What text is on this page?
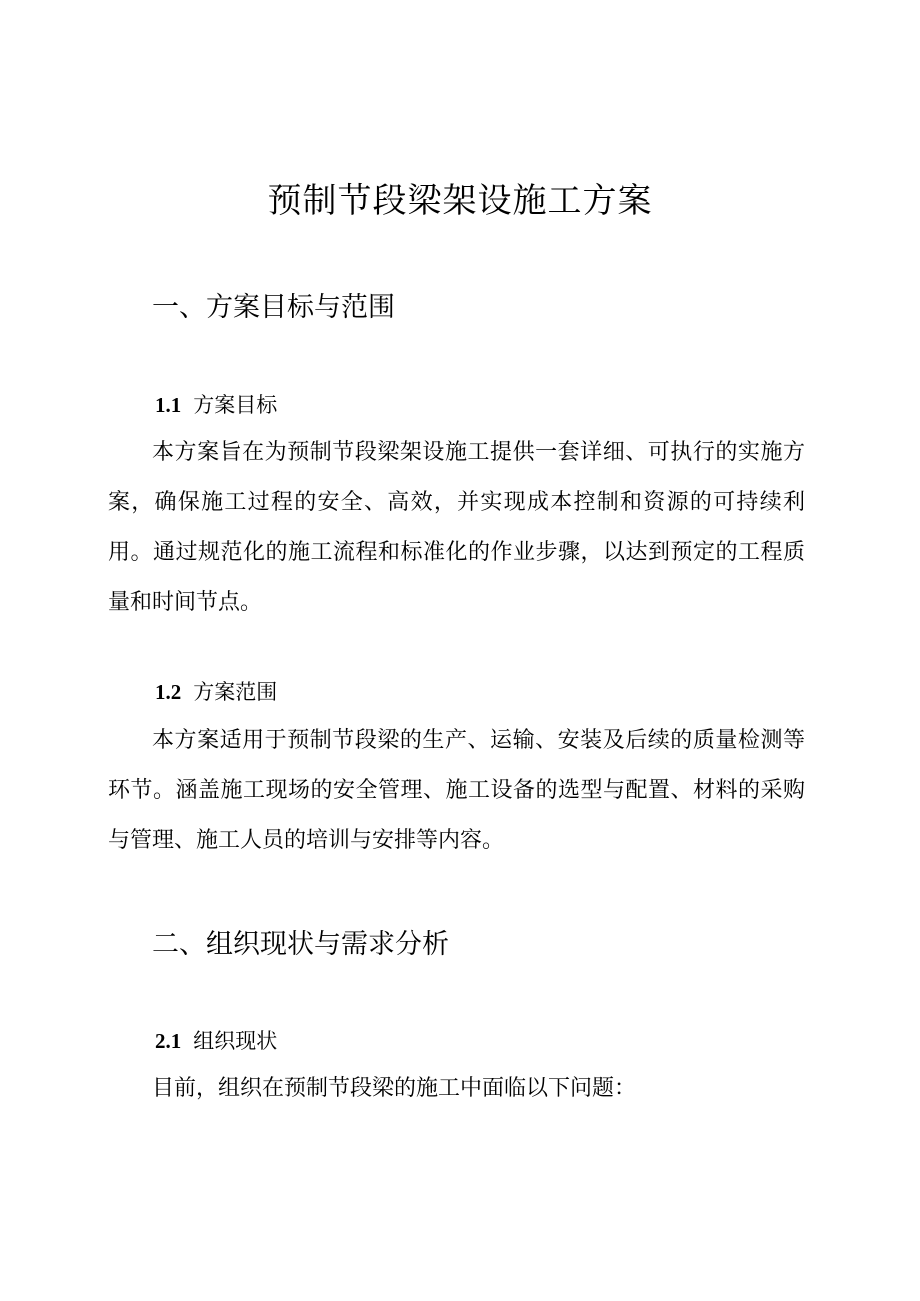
预制节段梁架设施工方案
一、方案目标与范围
1.1 方案目标

本方案旨在为预制节段梁架设施工提供一套详细、可执行的实施方案，确保施工过程的安全、高效，并实现成本控制和资源的可持续利用。通过规范化的施工流程和标准化的作业步骤，以达到预定的工程质量和时间节点。

1.2 方案范围

本方案适用于预制节段梁的生产、运输、安装及后续的质量检测等环节。涵盖施工现场的安全管理、施工设备的选型与配置、材料的采购与管理、施工人员的培训与安排等内容。

二、组织现状与需求分析
2.1 组织现状

目前，组织在预制节段梁的施工中面临以下问题：
